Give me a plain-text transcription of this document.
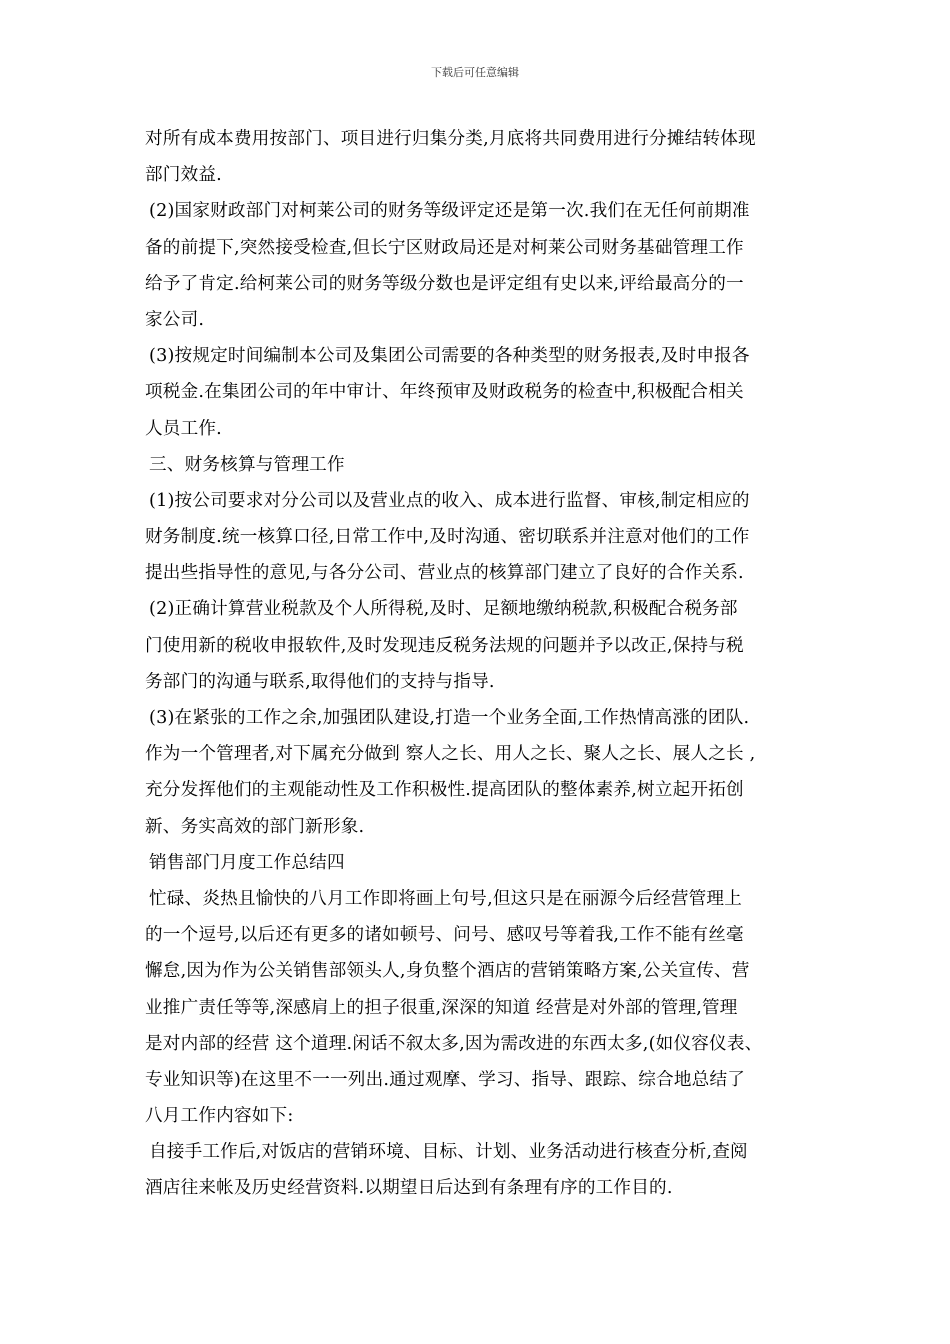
下载后可任意编辑
对所有成本费用按部门、项目进行归集分类,月底将共同费用进行分摊结转体现
部门效益.
(2)国家财政部门对柯莱公司的财务等级评定还是第一次.我们在无任何前期准
备的前提下,突然接受检查,但长宁区财政局还是对柯莱公司财务基础管理工作
给予了肯定.给柯莱公司的财务等级分数也是评定组有史以来,评给最高分的一
家公司.
(3)按规定时间编制本公司及集团公司需要的各种类型的财务报表,及时申报各
项税金.在集团公司的年中审计、年终预审及财政税务的检查中,积极配合相关
人员工作.
三、财务核算与管理工作
(1)按公司要求对分公司以及营业点的收入、成本进行监督、审核,制定相应的
财务制度.统一核算口径,日常工作中,及时沟通、密切联系并注意对他们的工作
提出些指导性的意见,与各分公司、营业点的核算部门建立了良好的合作关系.
(2)正确计算营业税款及个人所得税,及时、足额地缴纳税款,积极配合税务部
门使用新的税收申报软件,及时发现违反税务法规的问题并予以改正,保持与税
务部门的沟通与联系,取得他们的支持与指导.
(3)在紧张的工作之余,加强团队建设,打造一个业务全面,工作热情高涨的团队.
作为一个管理者,对下属充分做到 察人之长、用人之长、聚人之长、展人之长 ,
充分发挥他们的主观能动性及工作积极性.提高团队的整体素养,树立起开拓创
新、务实高效的部门新形象.
销售部门月度工作总结四
忙碌、炎热且愉快的八月工作即将画上句号,但这只是在丽源今后经营管理上
的一个逗号,以后还有更多的诸如顿号、问号、感叹号等着我,工作不能有丝毫
懈怠,因为作为公关销售部领头人,身负整个酒店的营销策略方案,公关宣传、营
业推广责任等等,深感肩上的担子很重,深深的知道 经营是对外部的管理,管理
是对内部的经营 这个道理.闲话不叙太多,因为需改进的东西太多,(如仪容仪表、
专业知识等)在这里不一一列出.通过观摩、学习、指导、跟踪、综合地总结了
八月工作内容如下:
自接手工作后,对饭店的营销环境、目标、计划、业务活动进行核查分析,查阅
酒店往来帐及历史经营资料.以期望日后达到有条理有序的工作目的.
